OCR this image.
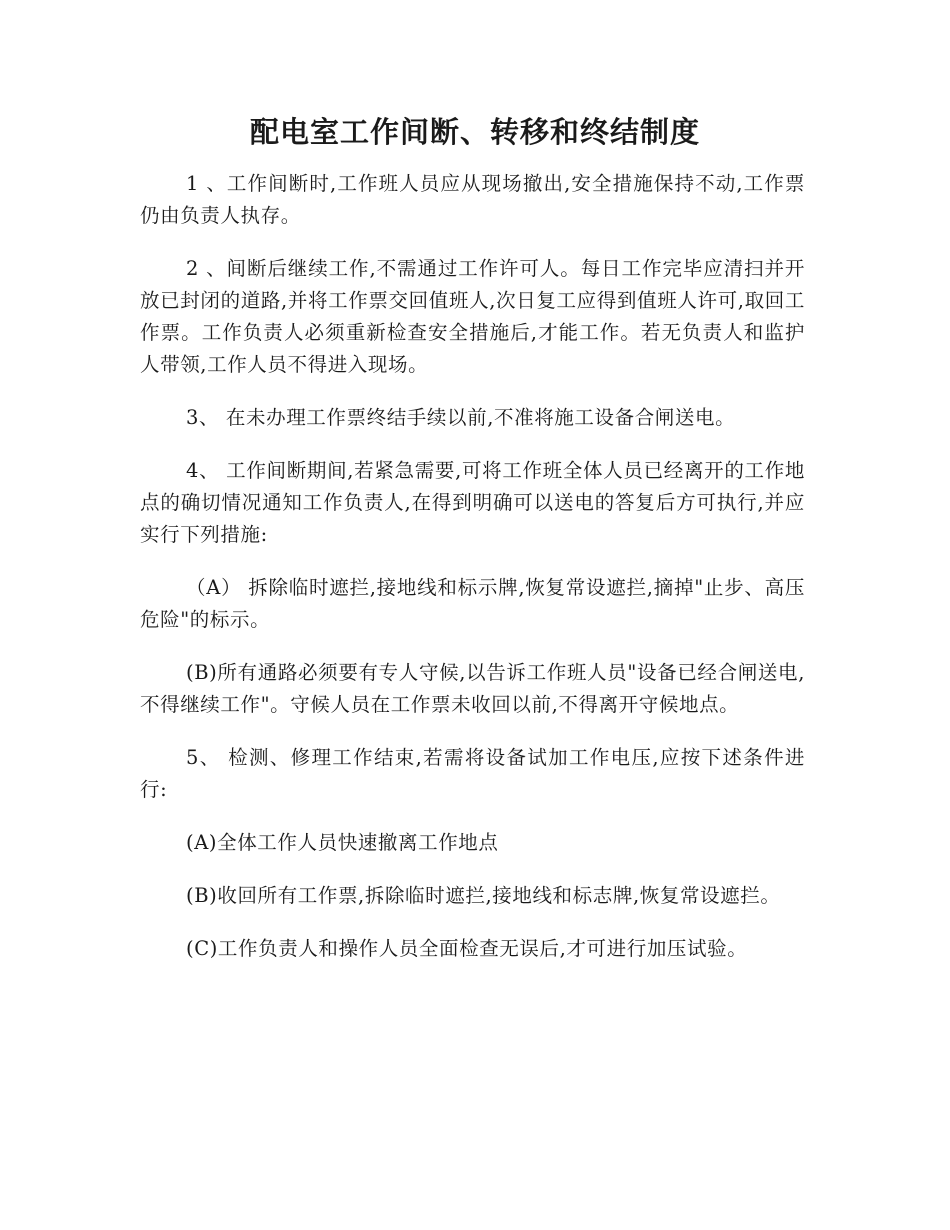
配电室工作间断、转移和终结制度

1 、工作间断时,工作班人员应从现场撤出,安全措施保持不动,工作票仍由负责人执存。

2 、间断后继续工作,不需通过工作许可人。每日工作完毕应清扫并开放已封闭的道路,并将工作票交回值班人,次日复工应得到值班人许可,取回工作票。工作负责人必须重新检查安全措施后,才能工作。若无负责人和监护人带领,工作人员不得进入现场。

3、 在未办理工作票终结手续以前,不准将施工设备合闸送电。

4、 工作间断期间,若紧急需要,可将工作班全体人员已经离开的工作地点的确切情况通知工作负责人,在得到明确可以送电的答复后方可执行,并应实行下列措施:

（A） 拆除临时遮拦,接地线和标示牌,恢复常设遮拦,摘掉"止步、高压危险"的标示。

(B)所有通路必须要有专人守候,以告诉工作班人员"设备已经合闸送电,不得继续工作"。守候人员在工作票未收回以前,不得离开守候地点。

5、 检测、修理工作结束,若需将设备试加工作电压,应按下述条件进行:

(A)全体工作人员快速撤离工作地点

(B)收回所有工作票,拆除临时遮拦,接地线和标志牌,恢复常设遮拦。

(C)工作负责人和操作人员全面检查无误后,才可进行加压试验。
